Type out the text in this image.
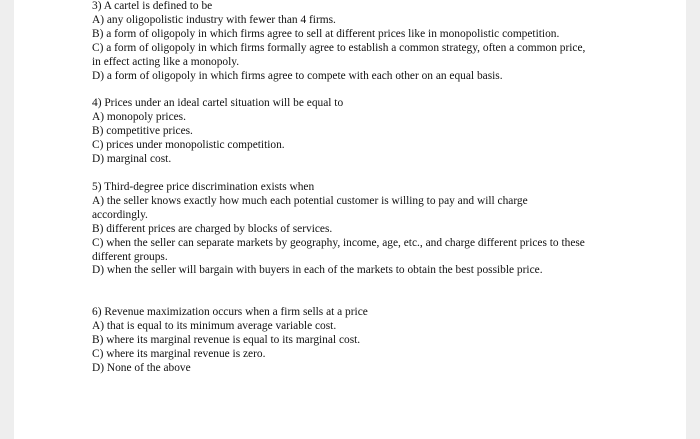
3) A cartel is defined to be
A) any oligopolistic industry with fewer than 4 firms.
B) a form of oligopoly in which firms agree to sell at different prices like in monopolistic competition.
C) a form of oligopoly in which firms formally agree to establish a common strategy, often a common price, in effect acting like a monopoly.
D) a form of oligopoly in which firms agree to compete with each other on an equal basis.
4) Prices under an ideal cartel situation will be equal to
A) monopoly prices.
B) competitive prices.
C) prices under monopolistic competition.
D) marginal cost.
5) Third-degree price discrimination exists when
A) the seller knows exactly how much each potential customer is willing to pay and will charge accordingly.
B) different prices are charged by blocks of services.
C) when the seller can separate markets by geography, income, age, etc., and charge different prices to these different groups.
D) when the seller will bargain with buyers in each of the markets to obtain the best possible price.
6) Revenue maximization occurs when a firm sells at a price
A) that is equal to its minimum average variable cost.
B) where its marginal revenue is equal to its marginal cost.
C) where its marginal revenue is zero.
D) None of the above
